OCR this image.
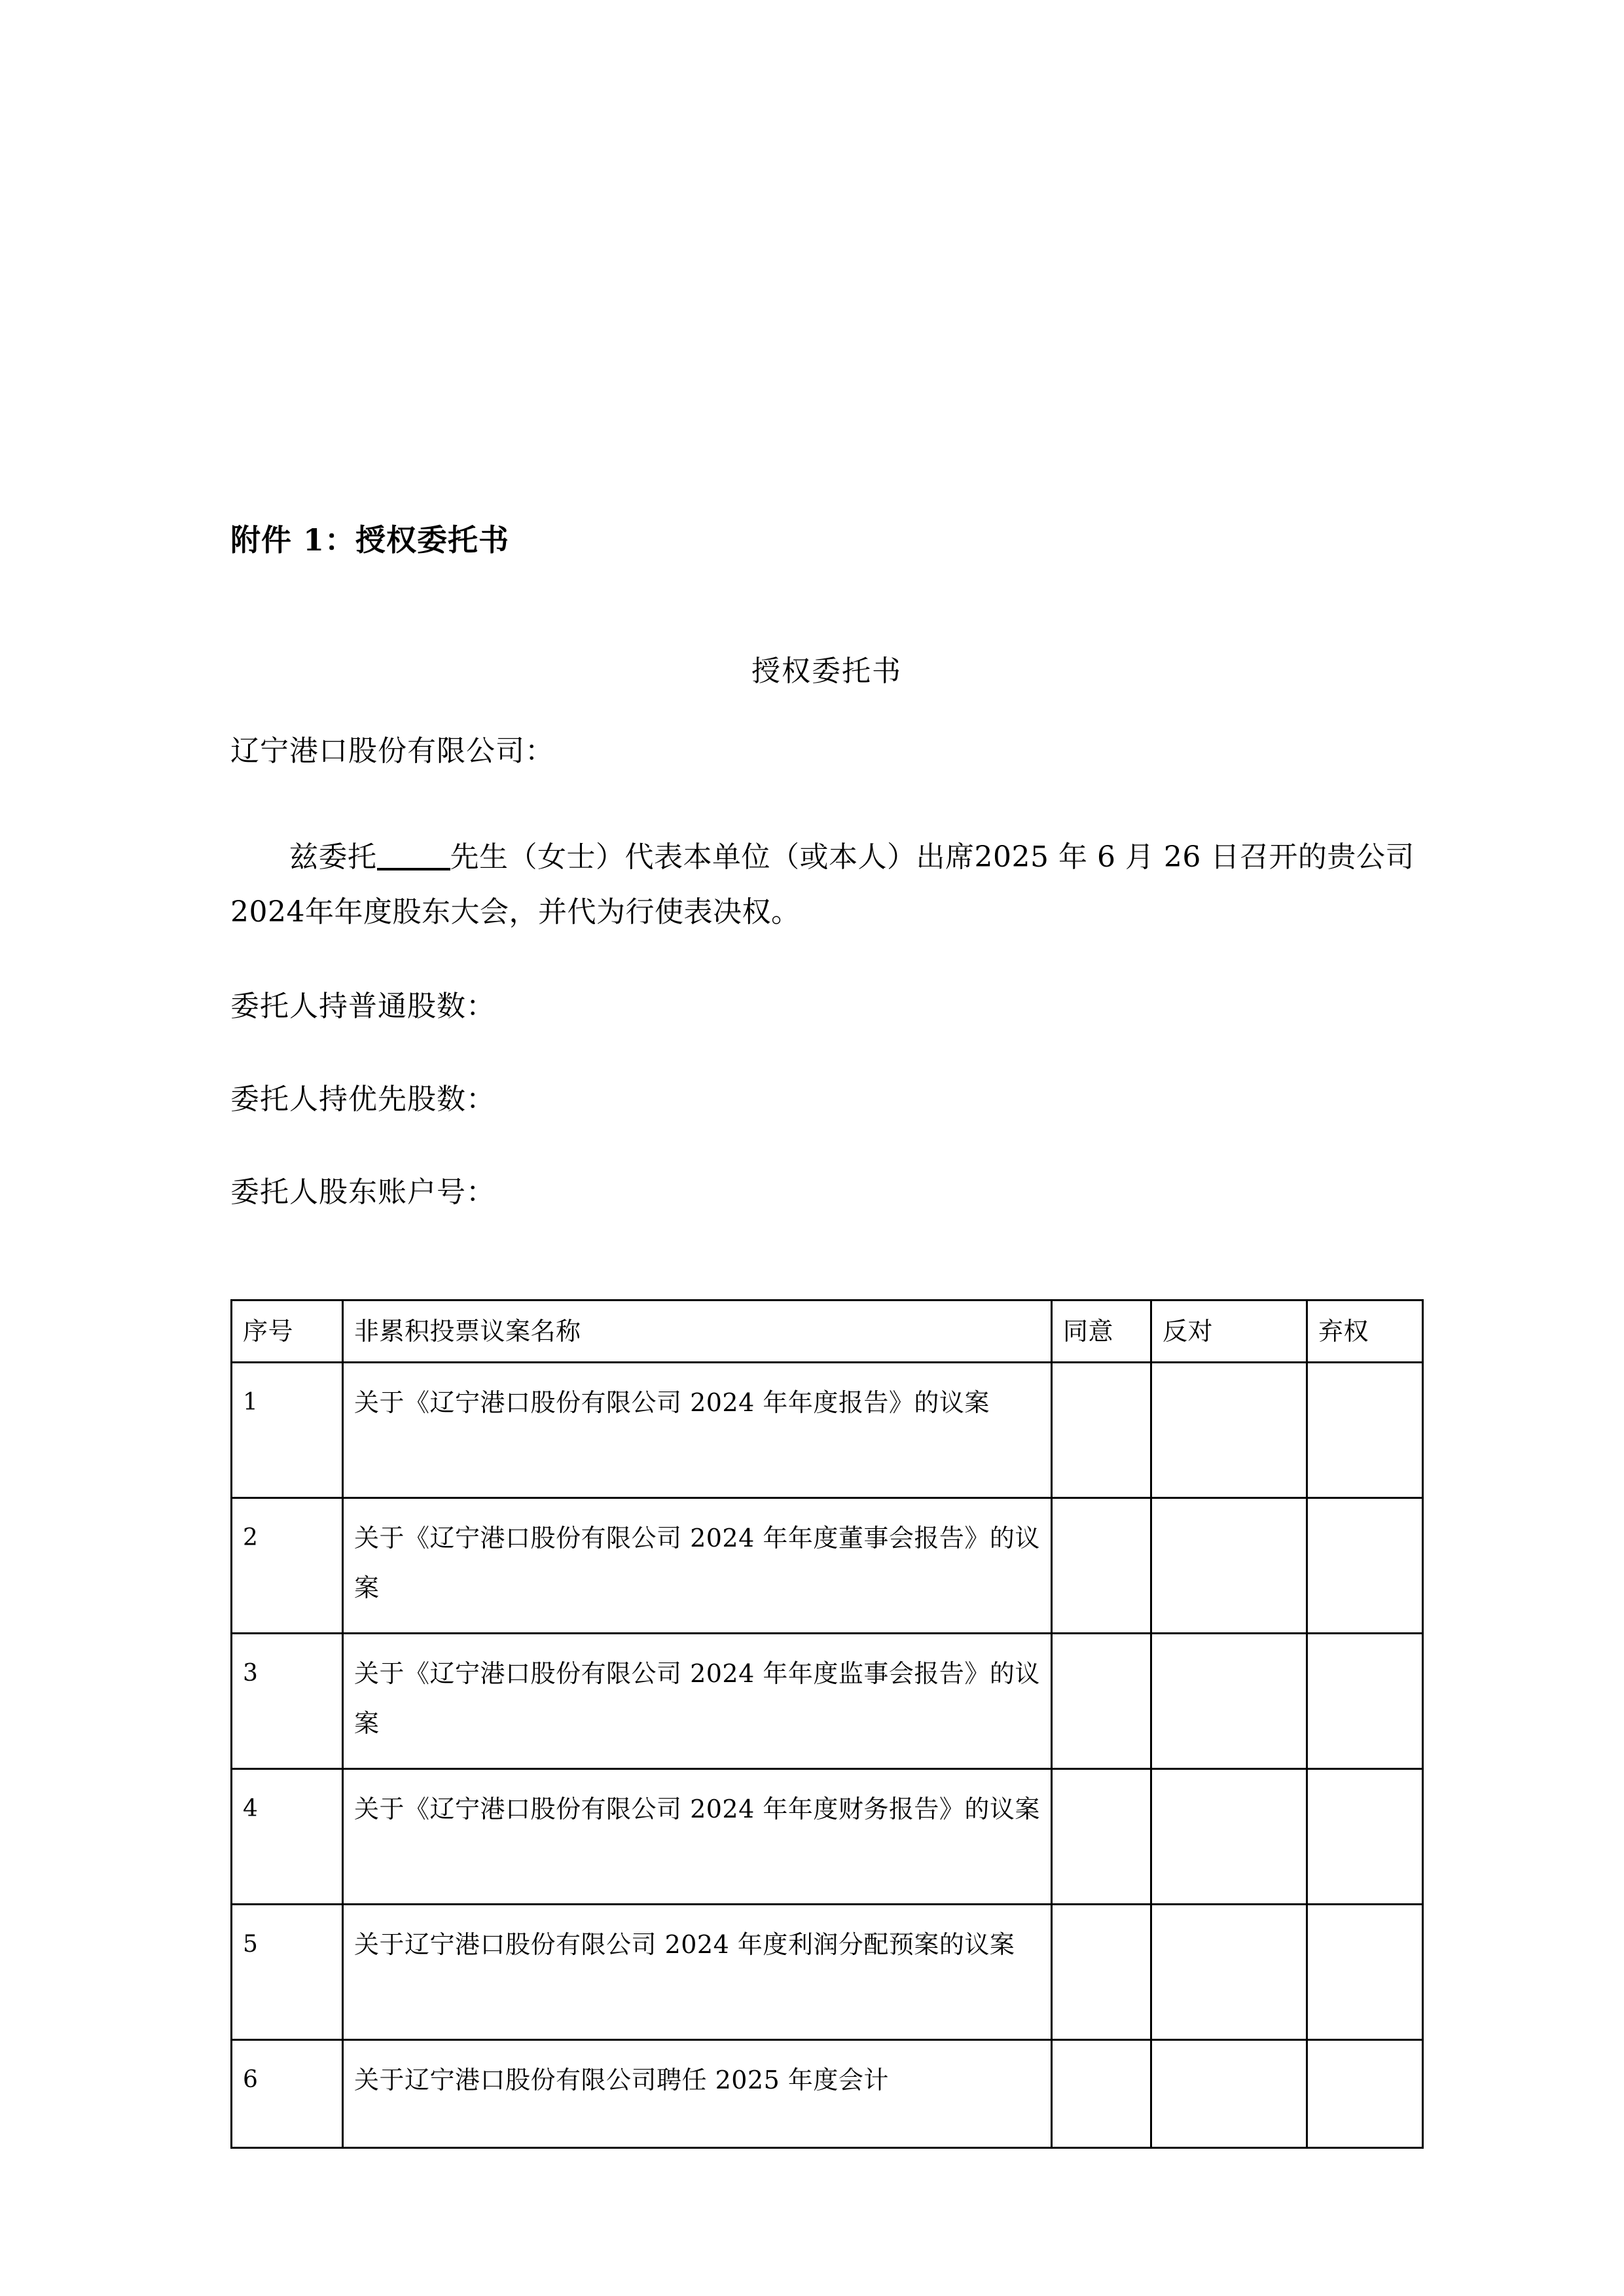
附件 1：授权委托书
授权委托书
辽宁港口股份有限公司：
兹委托	先生（女士）代表本单位（或本人）出席2025 年 6 月 26 日召开的贵公司2024年年度股东大会，并代为行使表决权。
委托人持普通股数：
委托人持优先股数：
委托人股东账户号：
序号	非累积投票议案名称	同意	反对	弃权
1	关于《辽宁港口股份有限公司 2024 年年度报告》的议案			
2	关于《辽宁港口股份有限公司 2024 年年度董事会报告》的议案			
3	关于《辽宁港口股份有限公司 2024 年年度监事会报告》的议案			
4	关于《辽宁港口股份有限公司 2024 年年度财务报告》的议案			
5	关于辽宁港口股份有限公司 2024 年度利润分配预案的议案			
6	关于辽宁港口股份有限公司聘任 2025 年度会计			
